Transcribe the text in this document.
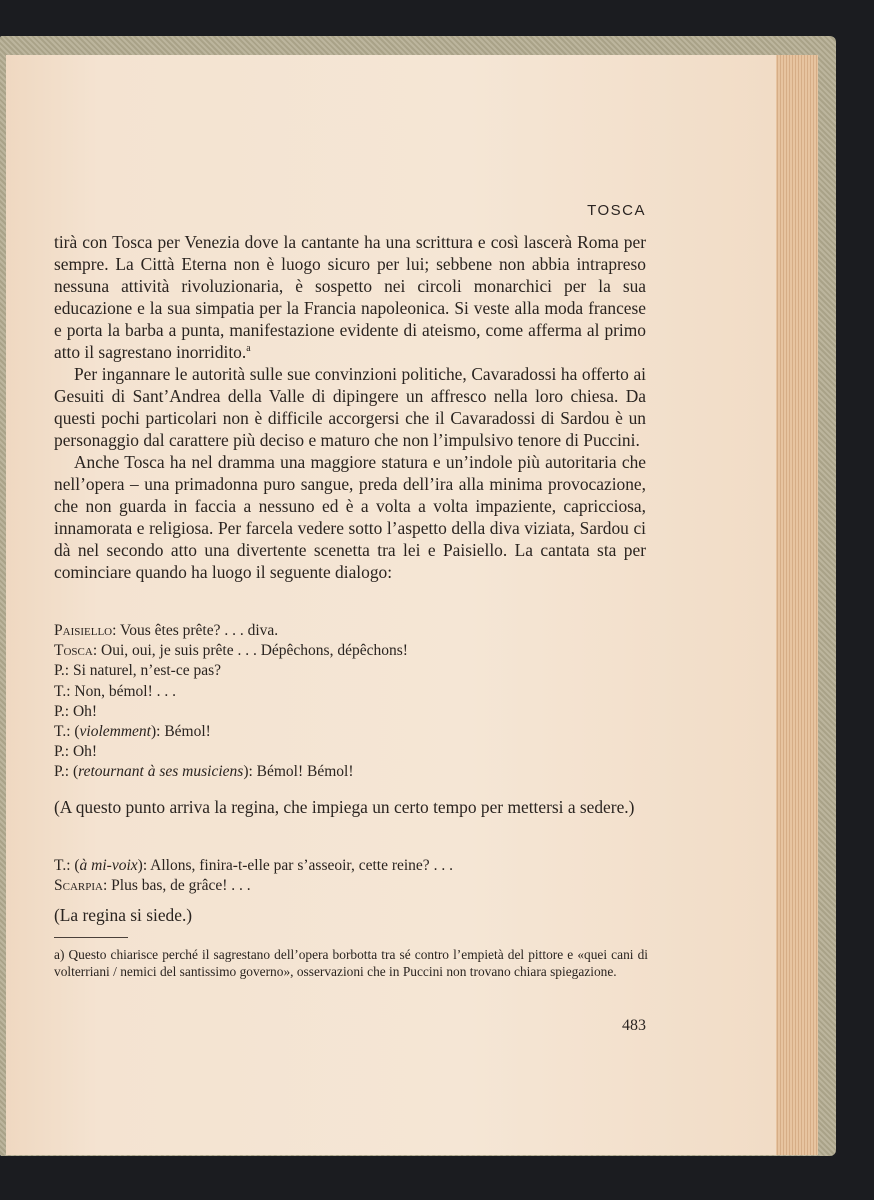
TOSCA

tirà con Tosca per Venezia dove la cantante ha una scrittura e così lascerà Roma per sempre. La Città Eterna non è luogo sicuro per lui; sebbene non abbia intrapreso nessuna attività rivoluzionaria, è sospetto nei circoli monarchici per la sua educazione e la sua simpatia per la Francia napoleonica. Si veste alla moda francese e porta la barba a punta, manifestazione evidente di ateismo, come afferma al primo atto il sagrestano inorridito.$^a$

Per ingannare le autorità sulle sue convinzioni politiche, Cavaradossi ha offerto ai Gesuiti di Sant’Andrea della Valle di dipingere un affresco nella loro chiesa. Da questi pochi particolari non è difficile accorgersi che il Cavaradossi di Sardou è un personaggio dal carattere più deciso e maturo che non l’impulsivo tenore di Puccini.

Anche Tosca ha nel dramma una maggiore statura e un’indole più autoritaria che nell’opera – una primadonna puro sangue, preda dell’ira alla minima provocazione, che non guarda in faccia a nessuno ed è a volta a volta impaziente, capricciosa, innamorata e religiosa. Per farcela vedere sotto l’aspetto della diva viziata, Sardou ci dà nel secondo atto una divertente scenetta tra lei e Paisiello. La cantata sta per cominciare quando ha luogo il seguente dialogo:

Paisiello: Vous êtes prête? . . . diva.
Tosca: Oui, oui, je suis prête . . . Dépêchons, dépêchons!
P.: Si naturel, n’est-ce pas?
T.: Non, bémol! . . .
P.: Oh!
T.: (violemment): Bémol!
P.: Oh!
P.: (retournant à ses musiciens): Bémol! Bémol!
(A questo punto arriva la regina, che impiega un certo tempo per mettersi a sedere.)
T.: (à mi-voix): Allons, finira-t-elle par s’asseoir, cette reine? . . .
Scarpia: Plus bas, de grâce! . . .
(La regina si siede.)
a) Questo chiarisce perché il sagrestano dell’opera borbotta tra sé contro l’empietà del pittore e «quei cani di volterriani / nemici del santissimo governo», osservazioni che in Puccini non trovano chiara spiegazione.
483
